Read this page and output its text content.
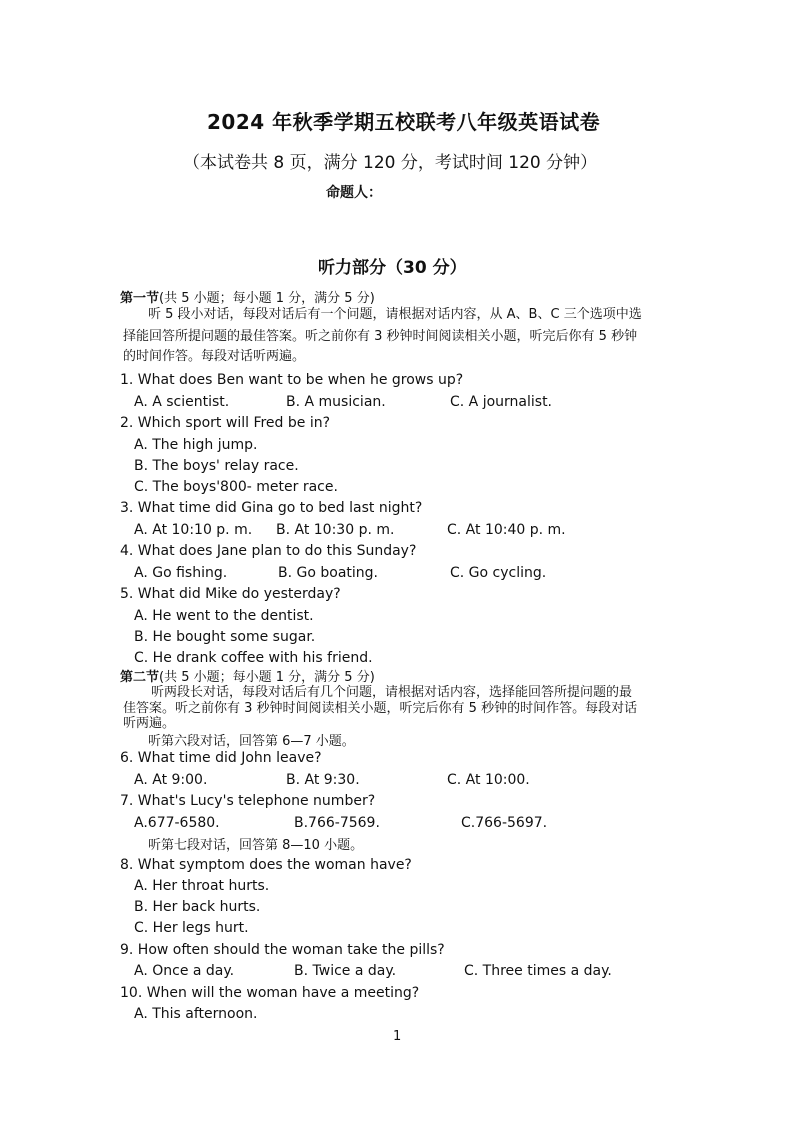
2024 年秋季学期五校联考八年级英语试卷
（本试卷共 8 页，满分 120 分，考试时间 120 分钟）
命题人：
听力部分（30 分）
第一节(共 5 小题；每小题 1 分，满分 5 分)
听 5 段小对话，每段对话后有一个问题，请根据对话内容，从 A、B、C 三个选项中选
择能回答所提问题的最佳答案。听之前你有 3 秒钟时间阅读相关小题，听完后你有 5 秒钟
的时间作答。每段对话听两遍。
1. What does Ben want to be when he grows up?
A. A scientist.	B. A musician.	C. A journalist.
2. Which sport will Fred be in?
A. The high jump.
B. The boys' relay race.
C. The boys'800- meter race.
3. What time did Gina go to bed last night?
A. At 10:10 p. m. B. At 10:30 p. m.	C. At 10:40 p. m.
4. What does Jane plan to do this Sunday?
A. Go fishing.	B. Go boating.	C. Go cycling.
5. What did Mike do yesterday?
A. He went to the dentist.
B. He bought some sugar.
C. He drank coffee with his friend.
第二节(共 5 小题；每小题 1 分，满分 5 分)
听两段长对话，每段对话后有几个问题，请根据对话内容，选择能回答所提问题的最
佳答案。听之前你有 3 秒钟时间阅读相关小题，听完后你有 5 秒钟的时间作答。每段对话
听两遍。
听第六段对话，回答第 6—7 小题。
6. What time did John leave?
A. At 9:00.	B. At 9:30.	C. At 10:00.
7. What's Lucy's telephone number?
A.677-6580.	B.766-7569.	C.766-5697.
听第七段对话，回答第 8—10 小题。
8. What symptom does the woman have?
A. Her throat hurts.
B. Her back hurts.
C. Her legs hurt.
9. How often should the woman take the pills?
A. Once a day.	B. Twice a day.	C. Three times a day.
10. When will the woman have a meeting?
A. This afternoon.
1
